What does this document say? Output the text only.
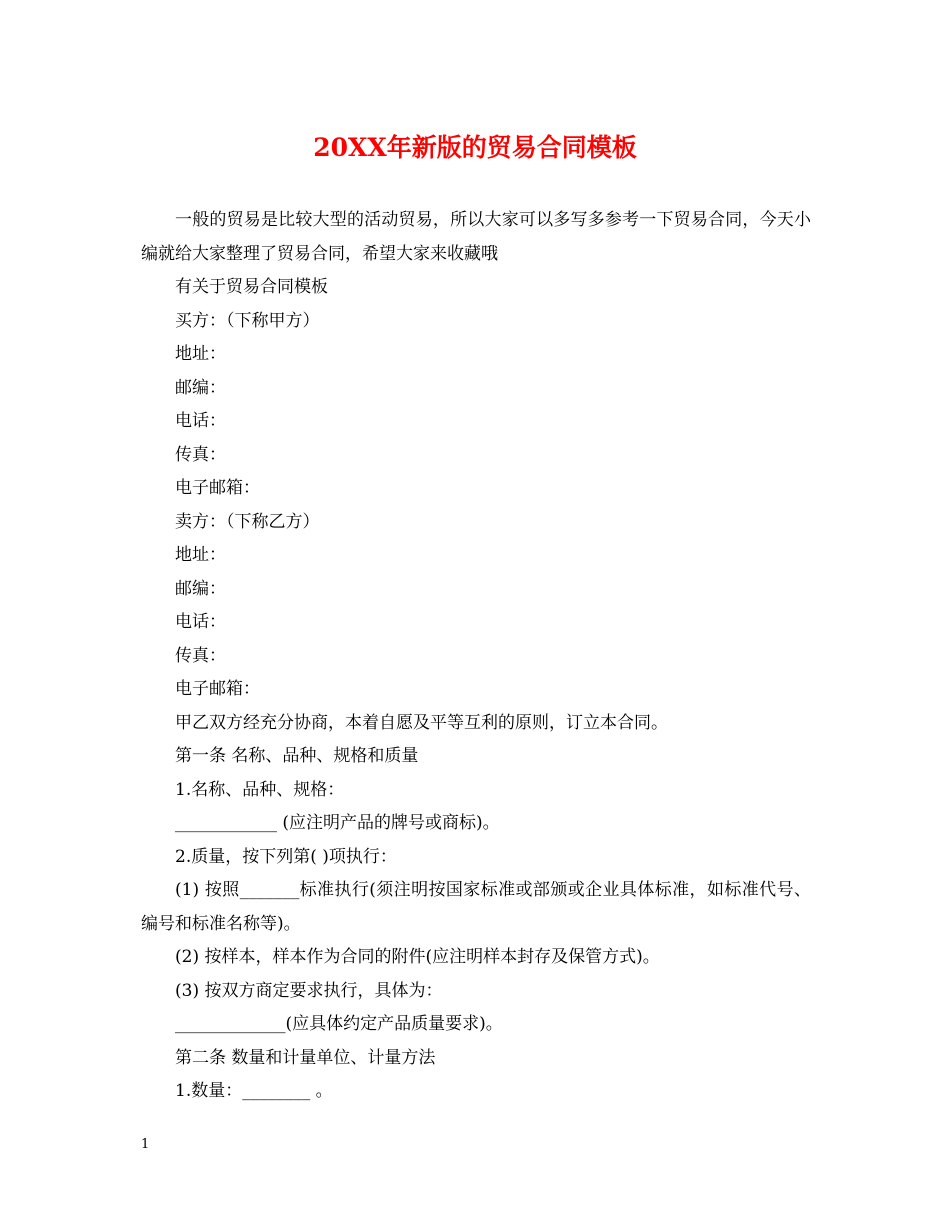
20XX年新版的贸易合同模板

一般的贸易是比较大型的活动贸易，所以大家可以多写多参考一下贸易合同，今天小编就给大家整理了贸易合同，希望大家来收藏哦

有关于贸易合同模板

买方：（下称甲方）

地址：

邮编：

电话：

传真：

电子邮箱：

卖方：（下称乙方）

地址：

邮编：

电话：

传真：

电子邮箱：

甲乙双方经充分协商，本着自愿及平等互利的原则，订立本合同。

第一条 名称、品种、规格和质量

1.名称、品种、规格：

____________ (应注明产品的牌号或商标)。

2.质量，按下列第( )项执行：

(1) 按照_______标准执行(须注明按国家标准或部颁或企业具体标准，如标准代号、编号和标准名称等)。

(2) 按样本，样本作为合同的附件(应注明样本封存及保管方式)。

(3) 按双方商定要求执行，具体为：

_____________(应具体约定产品质量要求)。

第二条 数量和计量单位、计量方法

1.数量：________ 。

1
